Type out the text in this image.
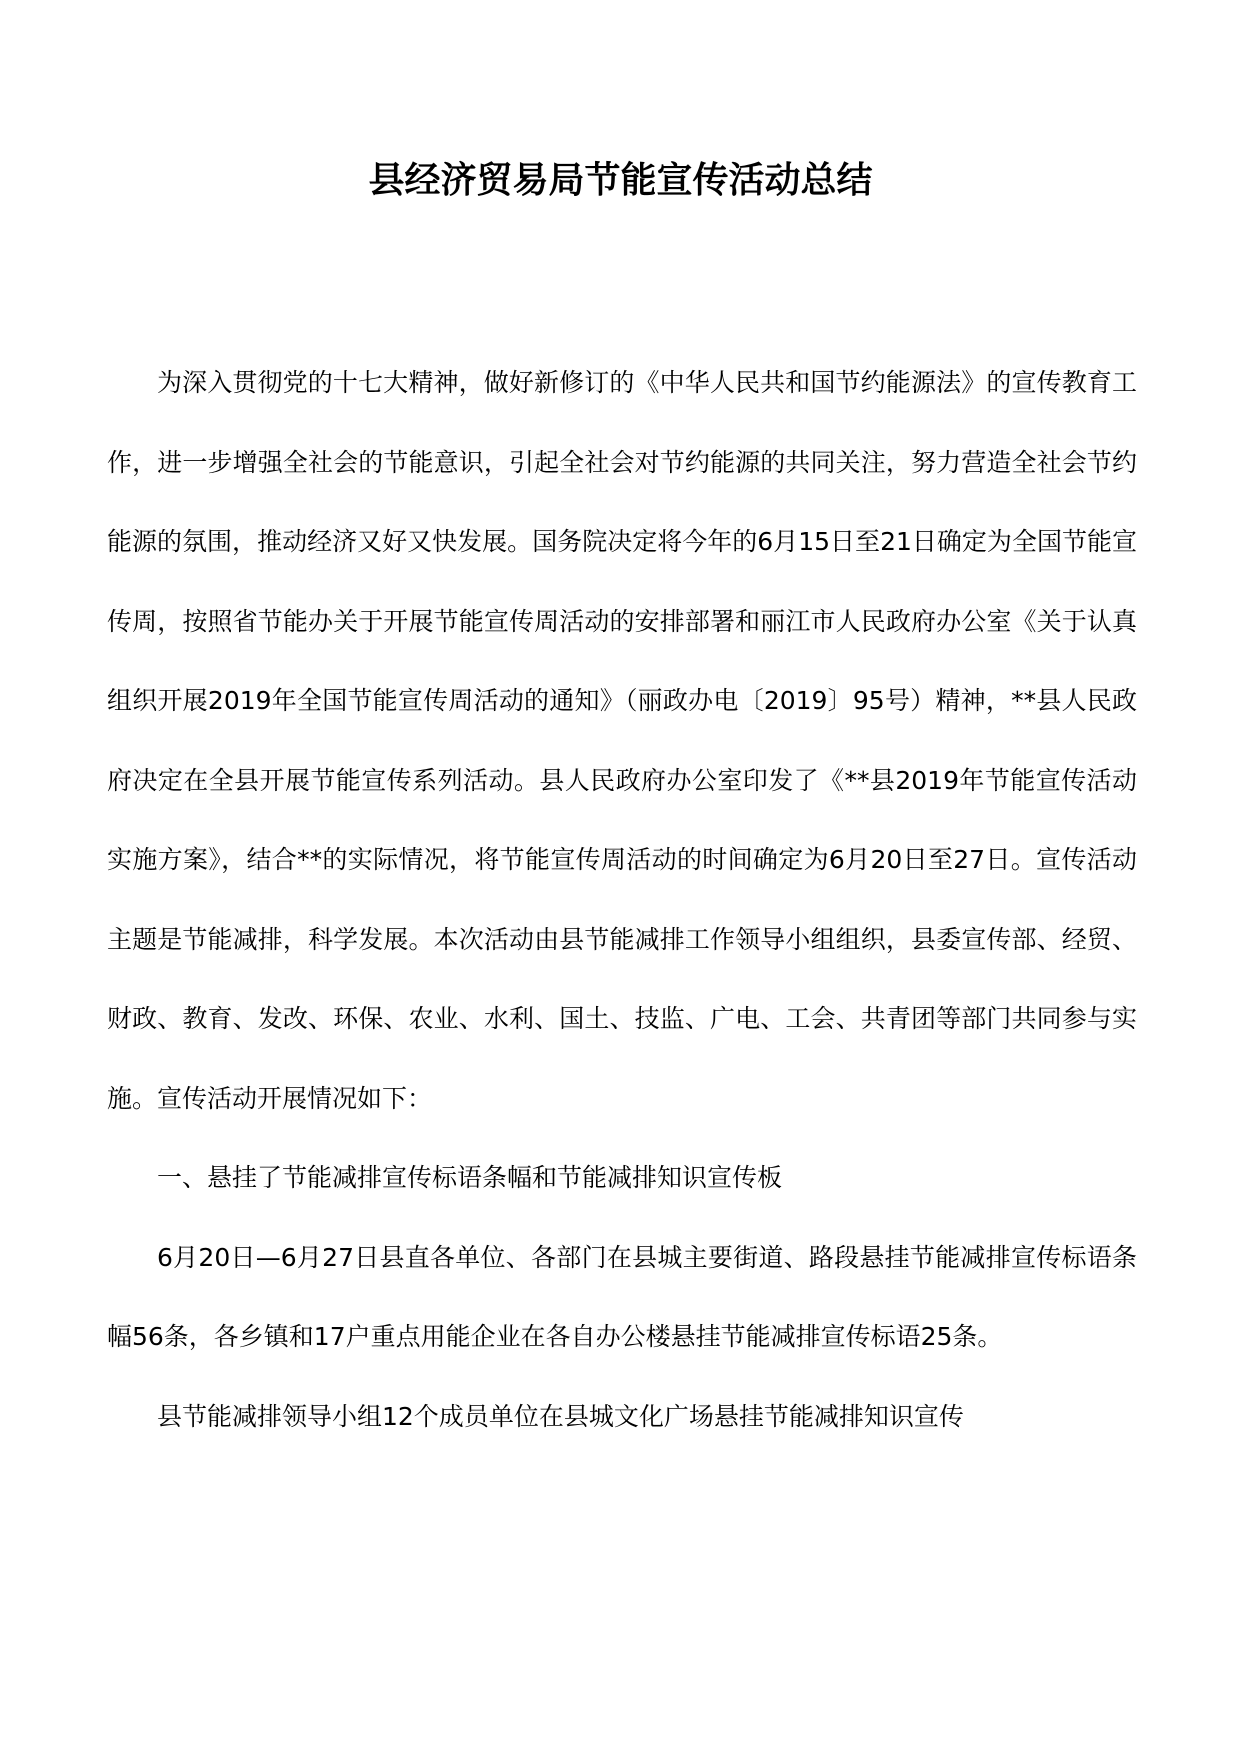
县经济贸易局节能宣传活动总结

为深入贯彻党的十七大精神，做好新修订的《中华人民共和国节约能源法》的宣传教育工作，进一步增强全社会的节能意识，引起全社会对节约能源的共同关注，努力营造全社会节约能源的氛围，推动经济又好又快发展。国务院决定将今年的6月15日至21日确定为全国节能宣传周，按照省节能办关于开展节能宣传周活动的安排部署和丽江市人民政府办公室《关于认真组织开展2019年全国节能宣传周活动的通知》（丽政办电〔2019〕95号）精神，**县人民政府决定在全县开展节能宣传系列活动。县人民政府办公室印发了《**县2019年节能宣传活动实施方案》，结合**的实际情况，将节能宣传周活动的时间确定为6月20日至27日。宣传活动主题是节能减排，科学发展。本次活动由县节能减排工作领导小组组织，县委宣传部、经贸、财政、教育、发改、环保、农业、水利、国土、技监、广电、工会、共青团等部门共同参与实施。宣传活动开展情况如下：

一、悬挂了节能减排宣传标语条幅和节能减排知识宣传板

6月20日—6月27日县直各单位、各部门在县城主要街道、路段悬挂节能减排宣传标语条幅56条，各乡镇和17户重点用能企业在各自办公楼悬挂节能减排宣传标语25条。

县节能减排领导小组12个成员单位在县城文化广场悬挂节能减排知识宣传
